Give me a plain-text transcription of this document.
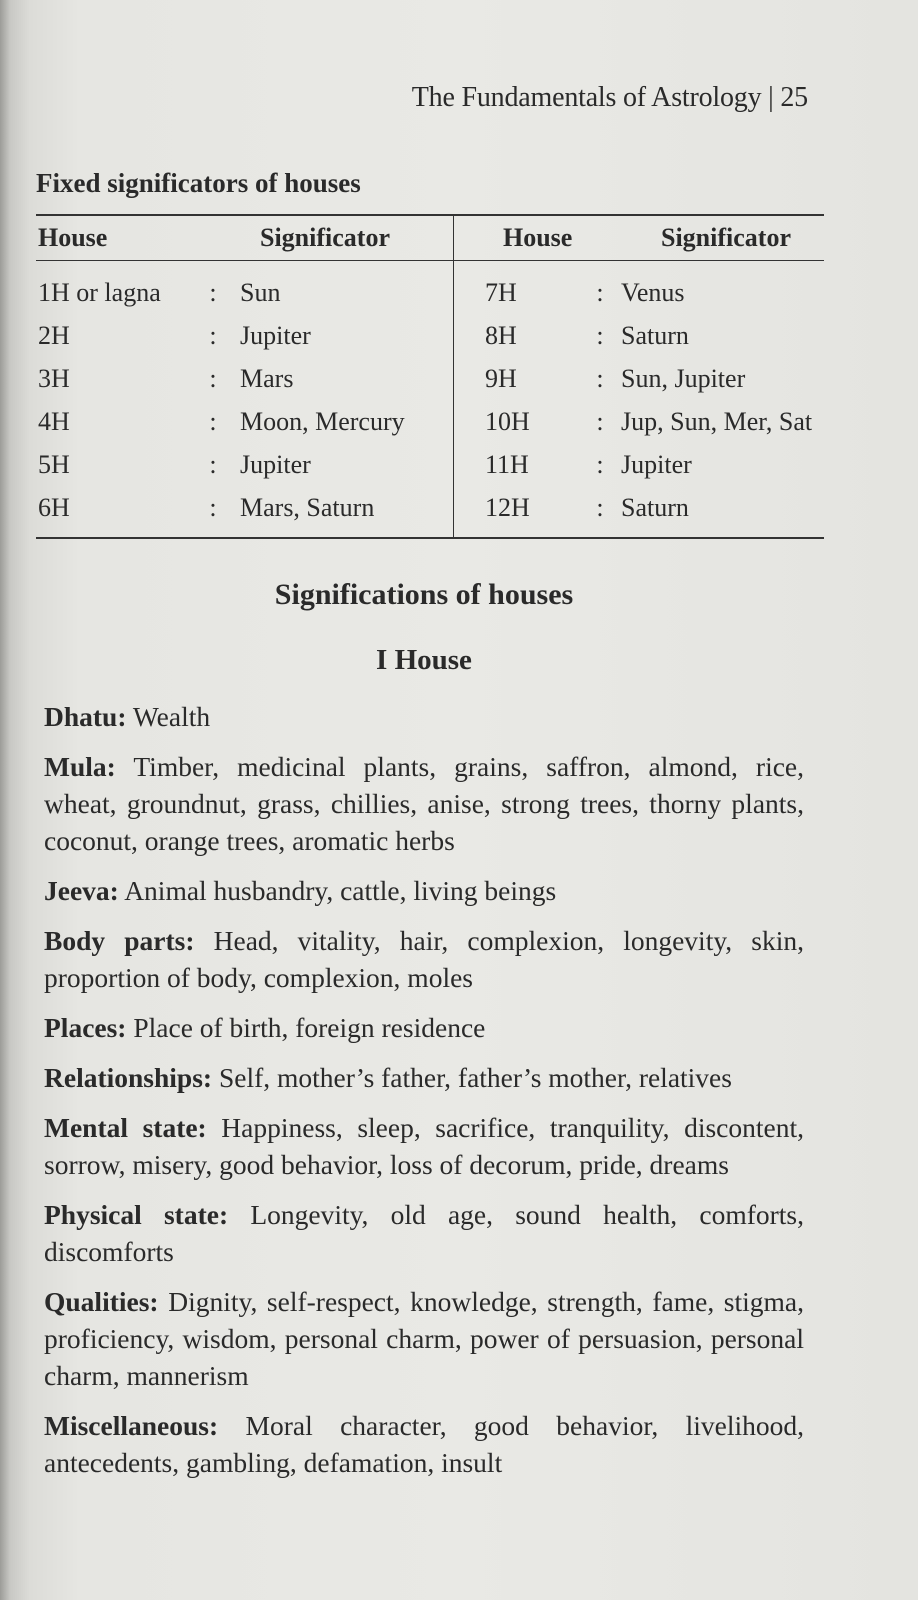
The Fundamentals of Astrology | 25
Fixed significators of houses
House	Significator	House	Significator
1H or lagna	: Sun	7H	: Venus
2H	: Jupiter	8H	: Saturn
3H	: Mars	9H	: Sun, Jupiter
4H	: Moon, Mercury	10H	: Jup, Sun, Mer, Sat
5H	: Jupiter	11H	: Jupiter
6H	: Mars, Saturn	12H	: Saturn
Significations of houses
I House

Dhatu: Wealth

Mula: Timber, medicinal plants, grains, saffron, almond, rice, wheat, groundnut, grass, chillies, anise, strong trees, thorny plants, coconut, orange trees, aromatic herbs

Jeeva: Animal husbandry, cattle, living beings

Body parts: Head, vitality, hair, complexion, longevity, skin, proportion of body, complexion, moles

Places: Place of birth, foreign residence

Relationships: Self, mother’s father, father’s mother, relatives

Mental state: Happiness, sleep, sacrifice, tranquility, discontent, sorrow, misery, good behavior, loss of decorum, pride, dreams

Physical state: Longevity, old age, sound health, comforts, discomforts

Qualities: Dignity, self-respect, knowledge, strength, fame, stigma, proficiency, wisdom, personal charm, power of persuasion, personal charm, mannerism

Miscellaneous: Moral character, good behavior, livelihood, antecedents, gambling, defamation, insult
